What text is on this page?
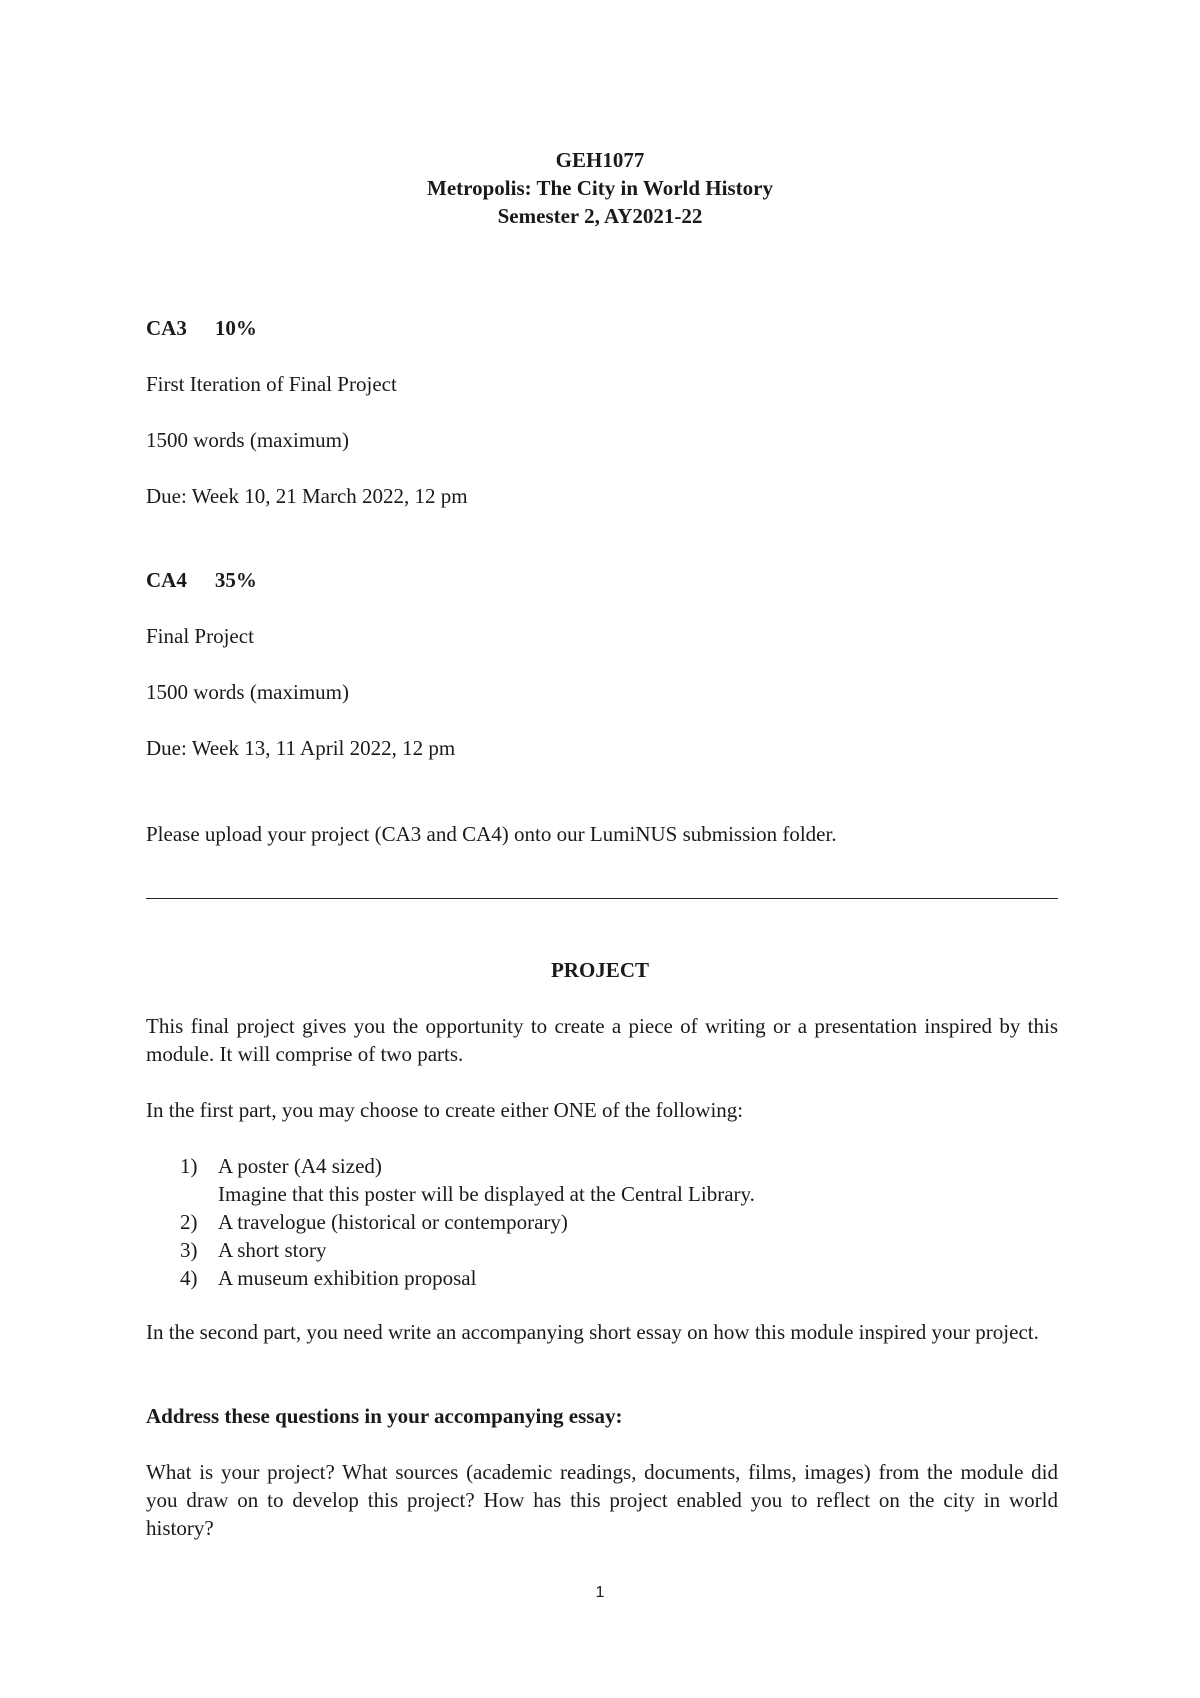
GEH1077
Metropolis: The City in World History
Semester 2, AY2021-22
CA3 10%
First Iteration of Final Project
1500 words (maximum)
Due: Week 10, 21 March 2022, 12 pm
CA4 35%
Final Project
1500 words (maximum)
Due: Week 13, 11 April 2022, 12 pm
Please upload your project (CA3 and CA4) onto our LumiNUS submission folder.
PROJECT
This final project gives you the opportunity to create a piece of writing or a presentation inspired by this module. It will comprise of two parts.
In the first part, you may choose to create either ONE of the following:
1) A poster (A4 sized)
Imagine that this poster will be displayed at the Central Library.
2) A travelogue (historical or contemporary)
3) A short story
4) A museum exhibition proposal
In the second part, you need write an accompanying short essay on how this module inspired your project.
Address these questions in your accompanying essay:
What is your project? What sources (academic readings, documents, films, images) from the module did you draw on to develop this project? How has this project enabled you to reflect on the city in world history?
1
